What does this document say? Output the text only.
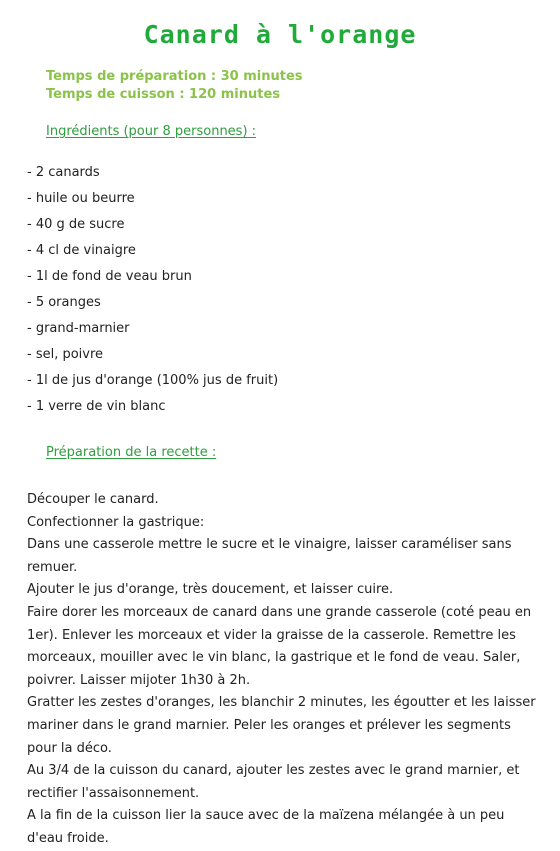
Canard à l'orange
Temps de préparation : 30 minutes
Temps de cuisson : 120 minutes
Ingrédients (pour 8 personnes) :
- 2 canards
- huile ou beurre
- 40 g de sucre
- 4 cl de vinaigre
- 1l de fond de veau brun
- 5 oranges
- grand-marnier
- sel, poivre
- 1l de jus d'orange (100% jus de fruit)
- 1 verre de vin blanc
Préparation de la recette :

Découper le canard.

Confectionner la gastrique:

Dans une casserole mettre le sucre et le vinaigre, laisser caraméliser sans remuer.

Ajouter le jus d'orange, très doucement, et laisser cuire.

Faire dorer les morceaux de canard dans une grande casserole (coté peau en 1er). Enlever les morceaux et vider la graisse de la casserole. Remettre les morceaux, mouiller avec le vin blanc, la gastrique et le fond de veau. Saler, poivrer. Laisser mijoter 1h30 à 2h.

Gratter les zestes d'oranges, les blanchir 2 minutes, les égoutter et les laisser mariner dans le grand marnier. Peler les oranges et prélever les segments pour la déco.

Au 3/4 de la cuisson du canard, ajouter les zestes avec le grand marnier, et rectifier l'assaisonnement.

A la fin de la cuisson lier la sauce avec de la maïzena mélangée à un peu d'eau froide.
